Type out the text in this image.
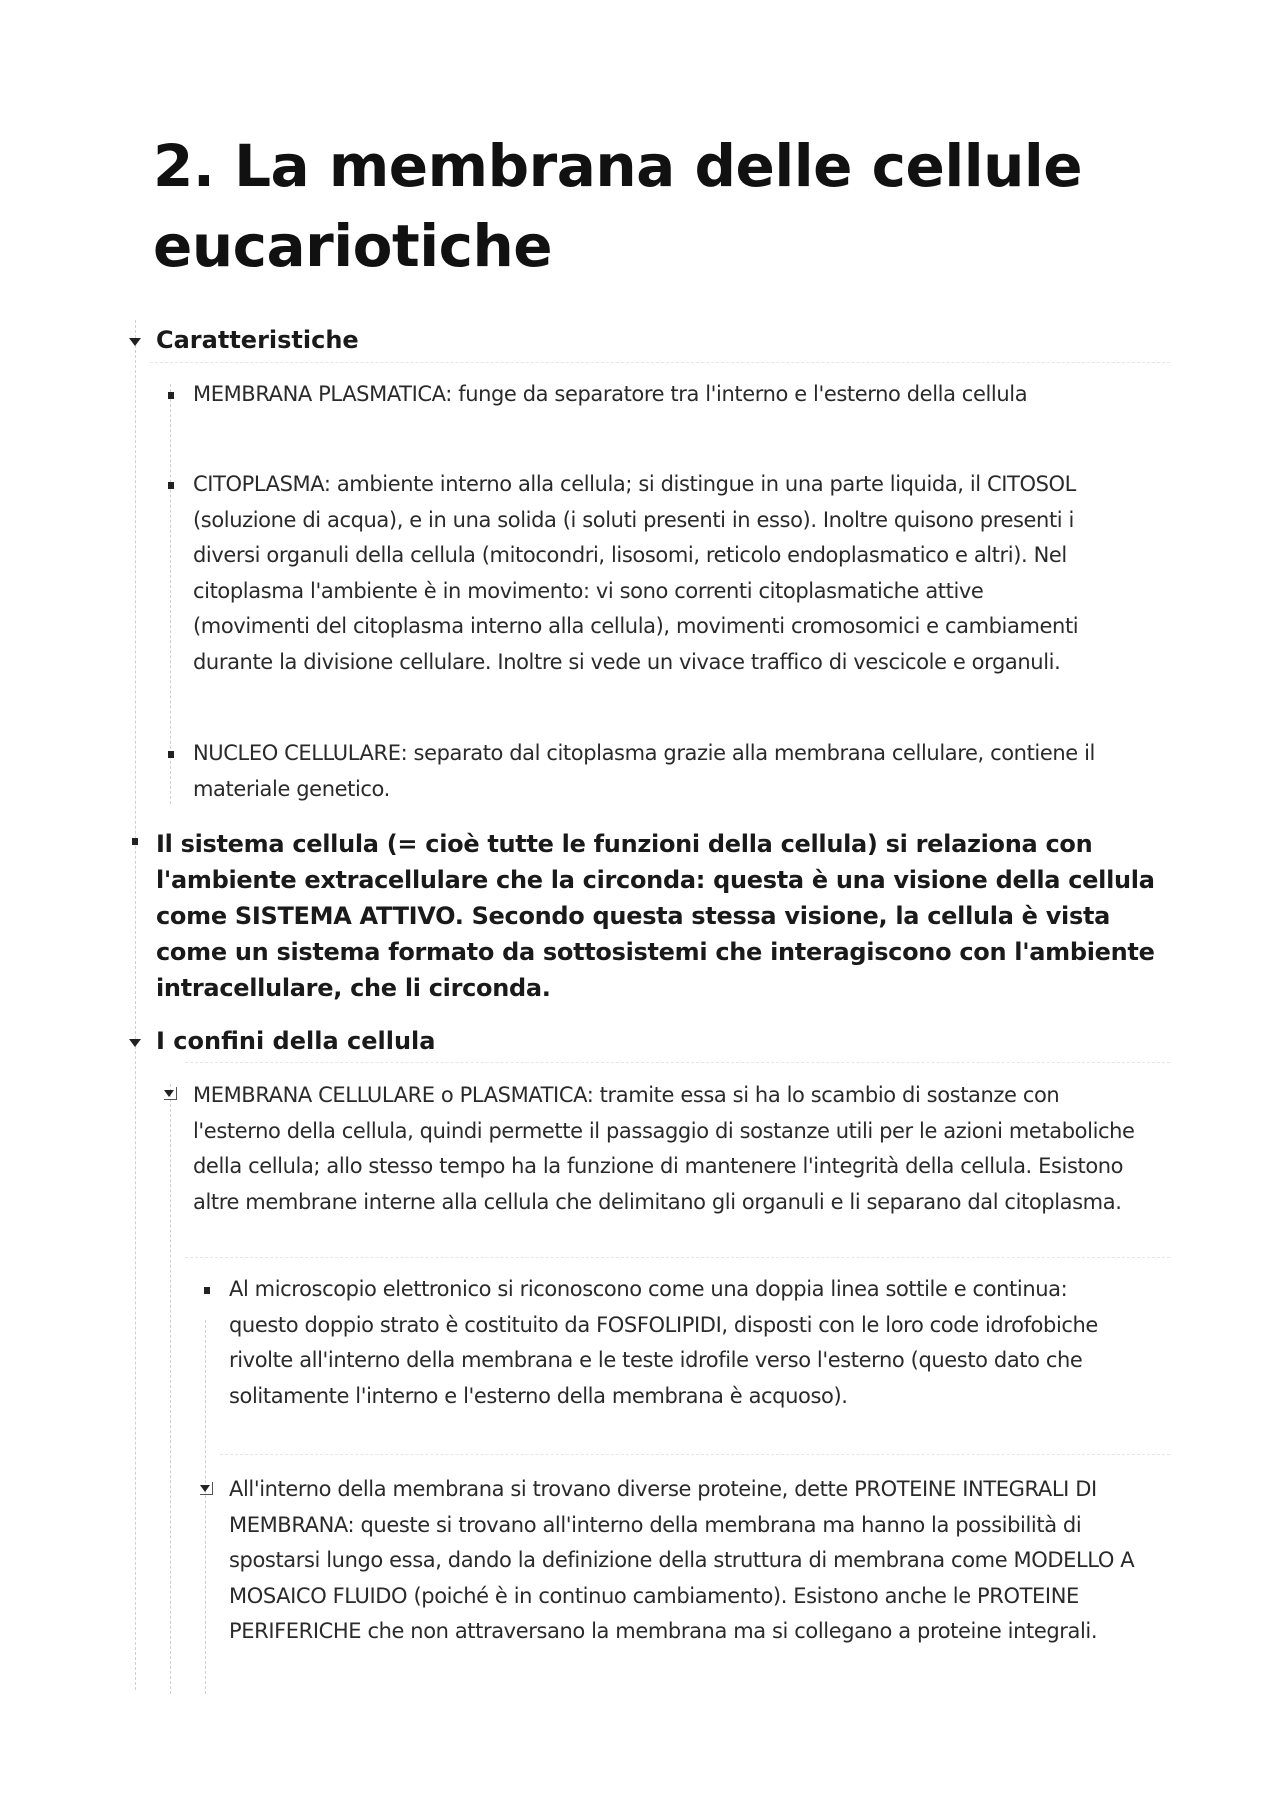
2. La membrana delle cellule eucariotiche
Caratteristiche

MEMBRANA PLASMATICA: funge da separatore tra l'interno e l'esterno della cellula

CITOPLASMA: ambiente interno alla cellula; si distingue in una parte liquida, il CITOSOL (soluzione di acqua), e in una solida (i soluti presenti in esso). Inoltre quisono presenti i diversi organuli della cellula (mitocondri, lisosomi, reticolo endoplasmatico e altri). Nel citoplasma l'ambiente è in movimento: vi sono correnti citoplasmatiche attive (movimenti del citoplasma interno alla cellula), movimenti cromosomici e cambiamenti durante la divisione cellulare. Inoltre si vede un vivace traffico di vescicole e organuli.

NUCLEO CELLULARE: separato dal citoplasma grazie alla membrana cellulare, contiene il materiale genetico.

Il sistema cellula (= cioè tutte le funzioni della cellula) si relaziona con l'ambiente extracellulare che la circonda: questa è una visione della cellula come SISTEMA ATTIVO. Secondo questa stessa visione, la cellula è vista come un sistema formato da sottosistemi che interagiscono con l'ambiente intracellulare, che li circonda.

I confini della cellula

MEMBRANA CELLULARE o PLASMATICA: tramite essa si ha lo scambio di sostanze con l'esterno della cellula, quindi permette il passaggio di sostanze utili per le azioni metaboliche della cellula; allo stesso tempo ha la funzione di mantenere l'integrità della cellula. Esistono altre membrane interne alla cellula che delimitano gli organuli e li separano dal citoplasma.

Al microscopio elettronico si riconoscono come una doppia linea sottile e continua: questo doppio strato è costituito da FOSFOLIPIDI, disposti con le loro code idrofobiche rivolte all'interno della membrana e le teste idrofile verso l'esterno (questo dato che solitamente l'interno e l'esterno della membrana è acquoso).

All'interno della membrana si trovano diverse proteine, dette PROTEINE INTEGRALI DI MEMBRANA: queste si trovano all'interno della membrana ma hanno la possibilità di spostarsi lungo essa, dando la definizione della struttura di membrana come MODELLO A MOSAICO FLUIDO (poiché è in continuo cambiamento). Esistono anche le PROTEINE PERIFERICHE che non attraversano la membrana ma si collegano a proteine integrali.
